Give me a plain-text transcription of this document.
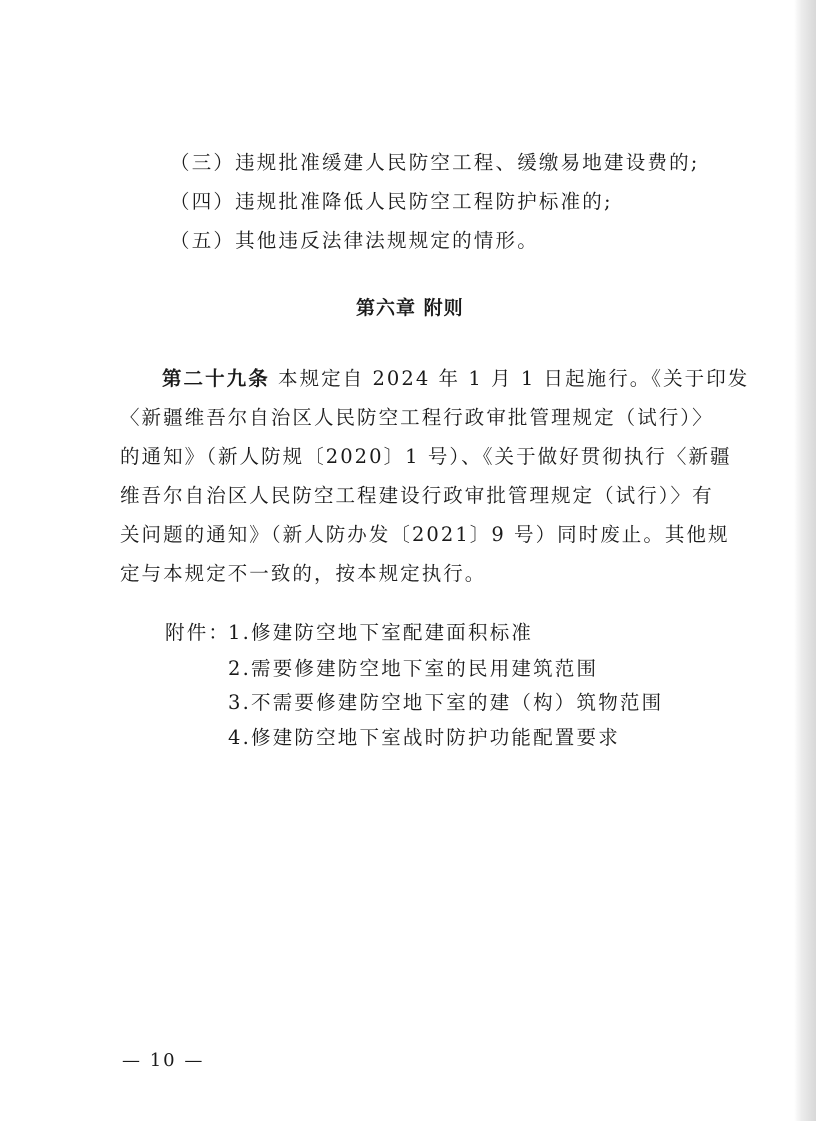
（三）违规批准缓建人民防空工程、缓缴易地建设费的;
（四）违规批准降低人民防空工程防护标准的;
（五）其他违反法律法规规定的情形。
第六章 附则
第二十九条 本规定自 2024 年 1 月 1 日起施行。《关于印发
〈新疆维吾尔自治区人民防空工程行政审批管理规定（试行）〉
的通知》（新人防规〔2020〕1 号）、《关于做好贯彻执行〈新疆
维吾尔自治区人民防空工程建设行政审批管理规定（试行）〉有
关问题的通知》（新人防办发〔2021〕9 号）同时废止。其他规
定与本规定不一致的，按本规定执行。
附件：
1.修建防空地下室配建面积标准
2.需要修建防空地下室的民用建筑范围
3.不需要修建防空地下室的建（构）筑物范围
4.修建防空地下室战时防护功能配置要求
— 10 —
